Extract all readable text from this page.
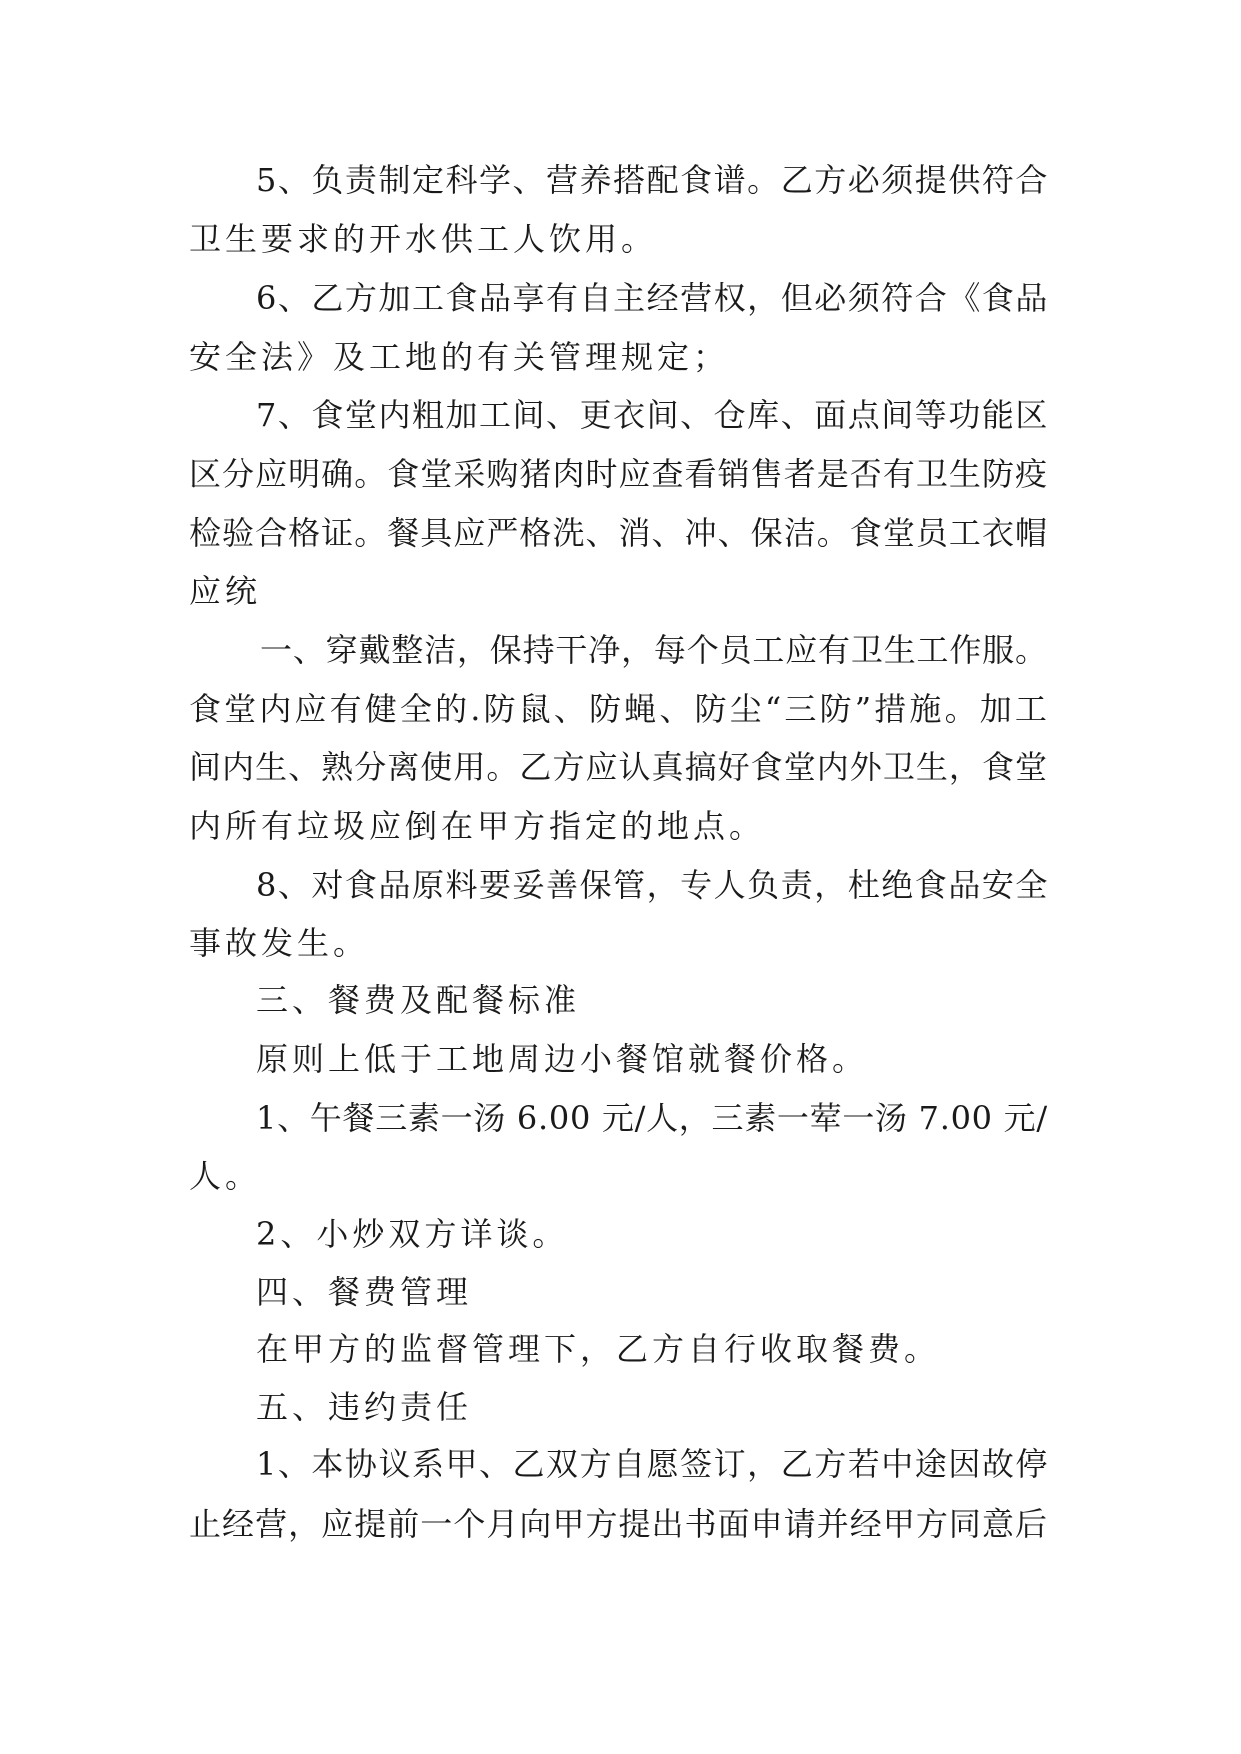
5、负责制定科学、营养搭配食谱。乙方必须提供符合

卫生要求的开水供工人饮用。

6、乙方加工食品享有自主经营权，但必须符合《食品

安全法》及工地的有关管理规定；

7、食堂内粗加工间、更衣间、仓库、面点间等功能区

区分应明确。食堂采购猪肉时应查看销售者是否有卫生防疫

检验合格证。餐具应严格洗、消、冲、保洁。食堂员工衣帽

应统

一、穿戴整洁，保持干净，每个员工应有卫生工作服。

食堂内应有健全的.防鼠、防蝇、防尘“三防”措施。加工

间内生、熟分离使用。乙方应认真搞好食堂内外卫生，食堂

内所有垃圾应倒在甲方指定的地点。

8、对食品原料要妥善保管，专人负责，杜绝食品安全

事故发生。

三、餐费及配餐标准

原则上低于工地周边小餐馆就餐价格。

1、午餐三素一汤 6.00 元/人，三素一荤一汤 7.00 元/

人。

2、小炒双方详谈。

四、餐费管理

在甲方的监督管理下，乙方自行收取餐费。

五、违约责任

1、本协议系甲、乙双方自愿签订，乙方若中途因故停

止经营，应提前一个月向甲方提出书面申请并经甲方同意后
